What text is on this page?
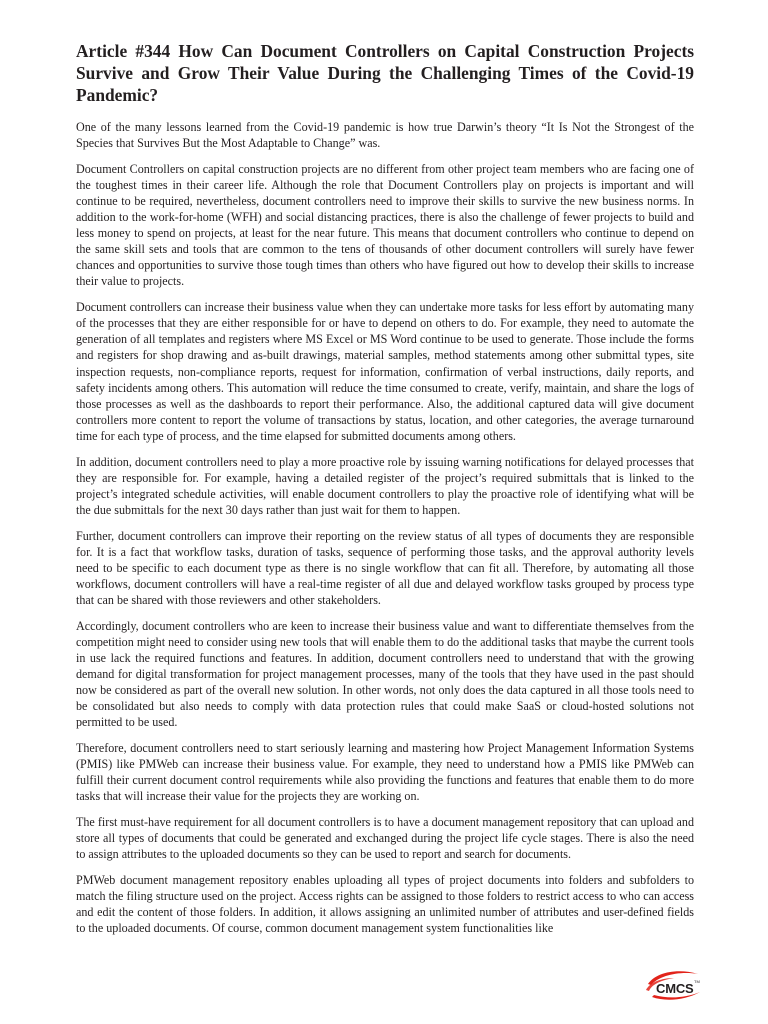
Article #344 How Can Document Controllers on Capital Construction Projects Survive and Grow Their Value During the Challenging Times of the Covid-19 Pandemic?

One of the many lessons learned from the Covid-19 pandemic is how true Darwin’s theory “It Is Not the Strongest of the Species that Survives But the Most Adaptable to Change” was.

Document Controllers on capital construction projects are no different from other project team members who are facing one of the toughest times in their career life. Although the role that Document Controllers play on projects is important and will continue to be required, nevertheless, document controllers need to improve their skills to survive the new business norms. In addition to the work-for-home (WFH) and social distancing practices, there is also the challenge of fewer projects to build and less money to spend on projects, at least for the near future. This means that document controllers who continue to depend on the same skill sets and tools that are common to the tens of thousands of other document controllers will surely have fewer chances and opportunities to survive those tough times than others who have figured out how to develop their skills to increase their value to projects.

Document controllers can increase their business value when they can undertake more tasks for less effort by automating many of the processes that they are either responsible for or have to depend on others to do. For example, they need to automate the generation of all templates and registers where MS Excel or MS Word continue to be used to generate. Those include the forms and registers for shop drawing and as-built drawings, material samples, method statements among other submittal types, site inspection requests, non-compliance reports, request for information, confirmation of verbal instructions, daily reports, and safety incidents among others. This automation will reduce the time consumed to create, verify, maintain, and share the logs of those processes as well as the dashboards to report their performance. Also, the additional captured data will give document controllers more content to report the volume of transactions by status, location, and other categories, the average turnaround time for each type of process, and the time elapsed for submitted documents among others.

In addition, document controllers need to play a more proactive role by issuing warning notifications for delayed processes that they are responsible for. For example, having a detailed register of the project’s required submittals that is linked to the project’s integrated schedule activities, will enable document controllers to play the proactive role of identifying what will be the due submittals for the next 30 days rather than just wait for them to happen.

Further, document controllers can improve their reporting on the review status of all types of documents they are responsible for. It is a fact that workflow tasks, duration of tasks, sequence of performing those tasks, and the approval authority levels need to be specific to each document type as there is no single workflow that can fit all. Therefore, by automating all those workflows, document controllers will have a real-time register of all due and delayed workflow tasks grouped by process type that can be shared with those reviewers and other stakeholders.

Accordingly, document controllers who are keen to increase their business value and want to differentiate themselves from the competition might need to consider using new tools that will enable them to do the additional tasks that maybe the current tools in use lack the required functions and features. In addition, document controllers need to understand that with the growing demand for digital transformation for project management processes, many of the tools that they have used in the past should now be considered as part of the overall new solution. In other words, not only does the data captured in all those tools need to be consolidated but also needs to comply with data protection rules that could make SaaS or cloud-hosted solutions not permitted to be used.

Therefore, document controllers need to start seriously learning and mastering how Project Management Information Systems (PMIS) like PMWeb can increase their business value. For example, they need to understand how a PMIS like PMWeb can fulfill their current document control requirements while also providing the functions and features that enable them to do more tasks that will increase their value for the projects they are working on.

The first must-have requirement for all document controllers is to have a document management repository that can upload and store all types of documents that could be generated and exchanged during the project life cycle stages. There is also the need to assign attributes to the uploaded documents so they can be used to report and search for documents.

PMWeb document management repository enables uploading all types of project documents into folders and subfolders to match the filing structure used on the project. Access rights can be assigned to those folders to restrict access to who can access and edit the content of those folders. In addition, it allows assigning an unlimited number of attributes and user-defined fields to the uploaded documents. Of course, common document management system functionalities like

CMCS TM
